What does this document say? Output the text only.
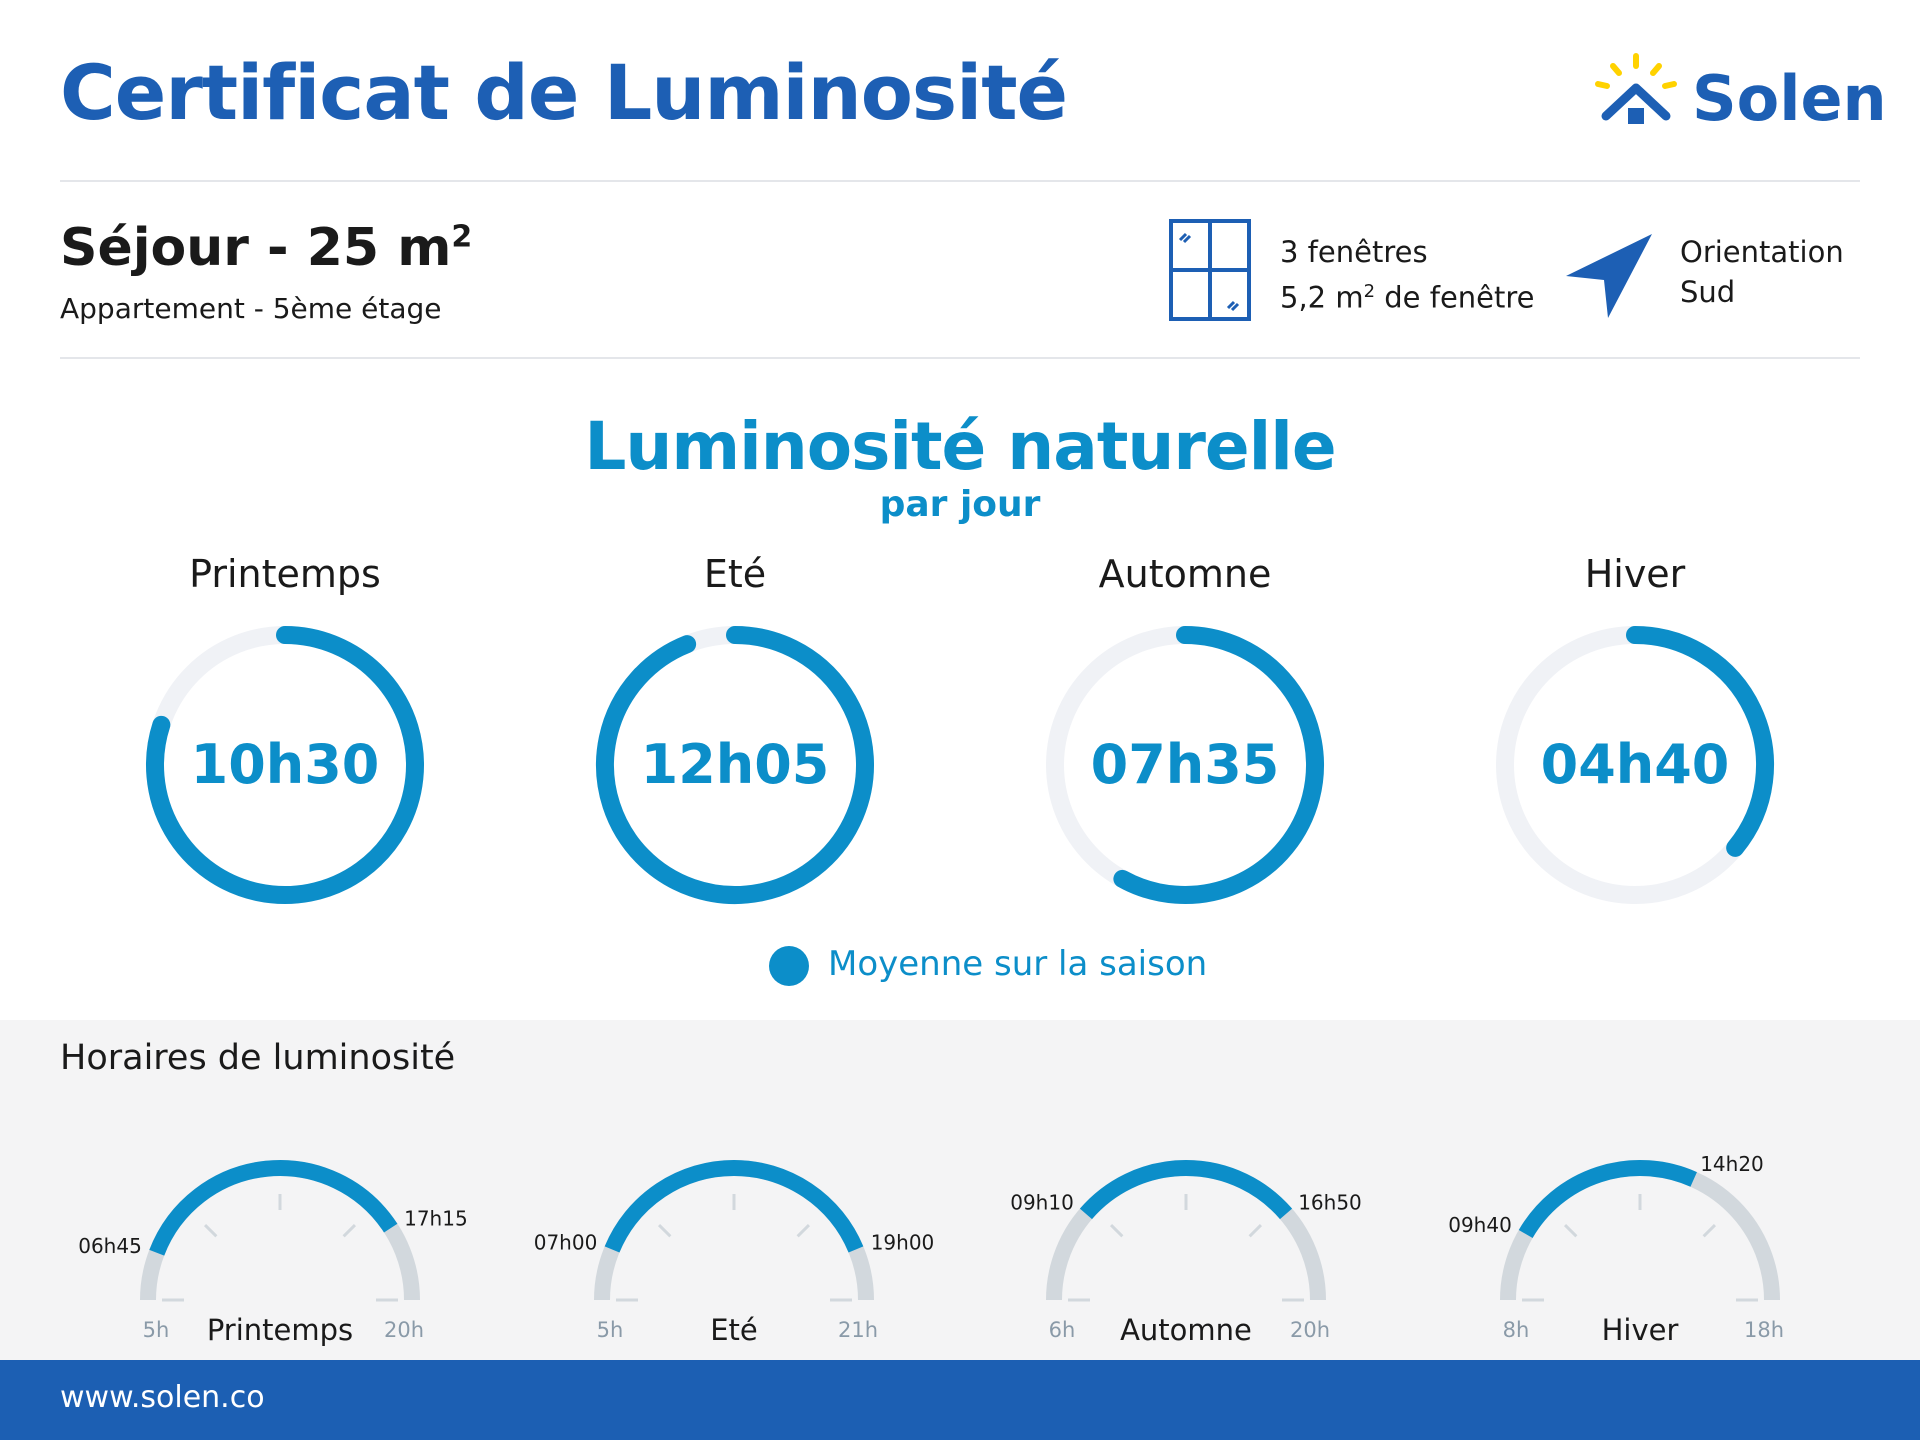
Certificat de Luminosité	Solen
Séjour - 25 $m^2$
Appartement - 5ème étage
3 fenêtres
5,2 $m^2$ de fenêtre
Orientation
Sud
Luminosité naturelle
par jour
Printemps	Eté	Automne	Hiver
10h30	12h05	07h35	04h40
Moyenne sur la saison
Horaires de luminosité
06h45
17h15
5h	20h
Printemps
07h00	19h00
5h	21h
Eté
09h10	16h50
6h	20h
Automne
09h40
14h20
8h	18h
Hiver
www.solen.co
